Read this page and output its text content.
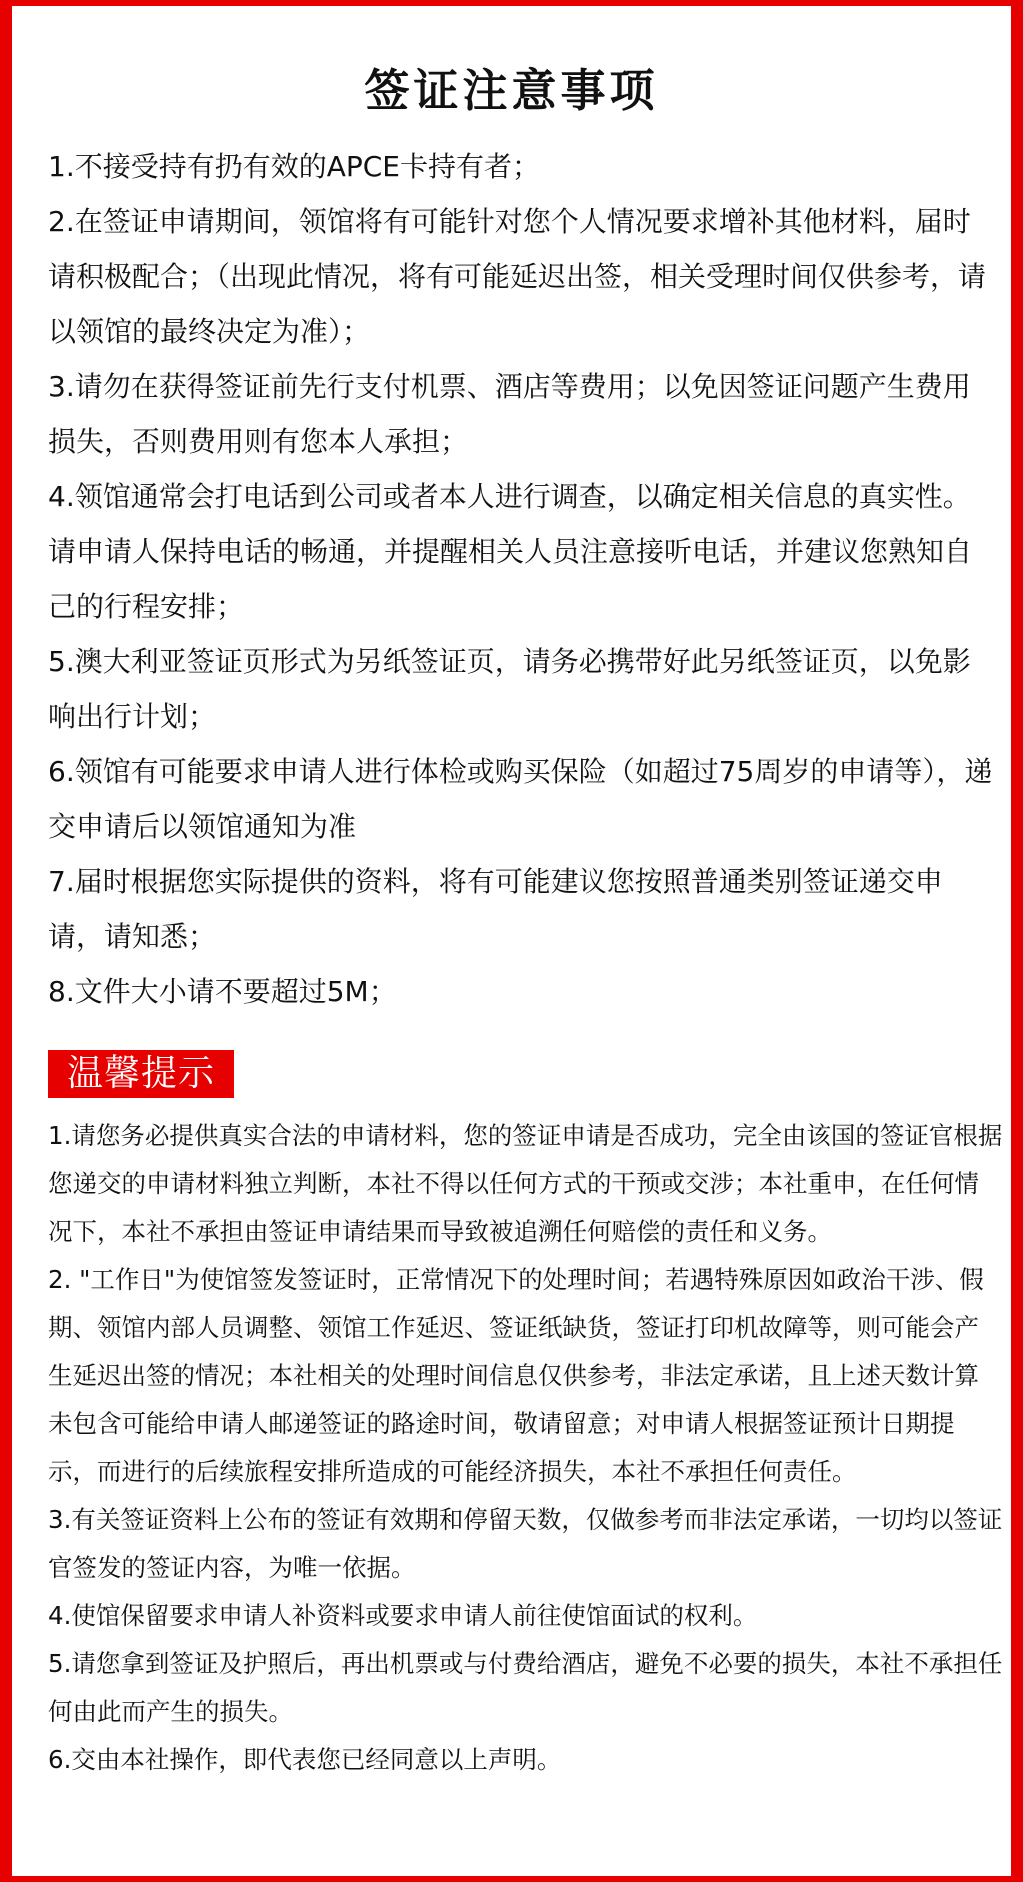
签证注意事项

1.不接受持有扔有效的APCE卡持有者；

2.在签证申请期间，领馆将有可能针对您个人情况要求增补其他材料，届时请积极配合；（出现此情况，将有可能延迟出签，相关受理时间仅供参考，请以领馆的最终决定为准）；

3.请勿在获得签证前先行支付机票、酒店等费用；以免因签证问题产生费用损失，否则费用则有您本人承担；

4.领馆通常会打电话到公司或者本人进行调查，以确定相关信息的真实性。请申请人保持电话的畅通，并提醒相关人员注意接听电话，并建议您熟知自己的行程安排；

5.澳大利亚签证页形式为另纸签证页，请务必携带好此另纸签证页，以免影响出行计划；

6.领馆有可能要求申请人进行体检或购买保险（如超过75周岁的申请等），递交申请后以领馆通知为准

7.届时根据您实际提供的资料，将有可能建议您按照普通类别签证递交申请，请知悉；

8.文件大小请不要超过5M；

温馨提示

1.请您务必提供真实合法的申请材料，您的签证申请是否成功，完全由该国的签证官根据您递交的申请材料独立判断，本社不得以任何方式的干预或交涉；本社重申，在任何情况下，本社不承担由签证申请结果而导致被追溯任何赔偿的责任和义务。

2. "工作日"为使馆签发签证时，正常情况下的处理时间；若遇特殊原因如政治干涉、假期、领馆内部人员调整、领馆工作延迟、签证纸缺货，签证打印机故障等，则可能会产生延迟出签的情况；本社相关的处理时间信息仅供参考，非法定承诺，且上述天数计算未包含可能给申请人邮递签证的路途时间，敬请留意；对申请人根据签证预计日期提示，而进行的后续旅程安排所造成的可能经济损失，本社不承担任何责任。

3.有关签证资料上公布的签证有效期和停留天数，仅做参考而非法定承诺，一切均以签证官签发的签证内容，为唯一依据。

4.使馆保留要求申请人补资料或要求申请人前往使馆面试的权利。

5.请您拿到签证及护照后，再出机票或与付费给酒店，避免不必要的损失，本社不承担任何由此而产生的损失。

6.交由本社操作，即代表您已经同意以上声明。
